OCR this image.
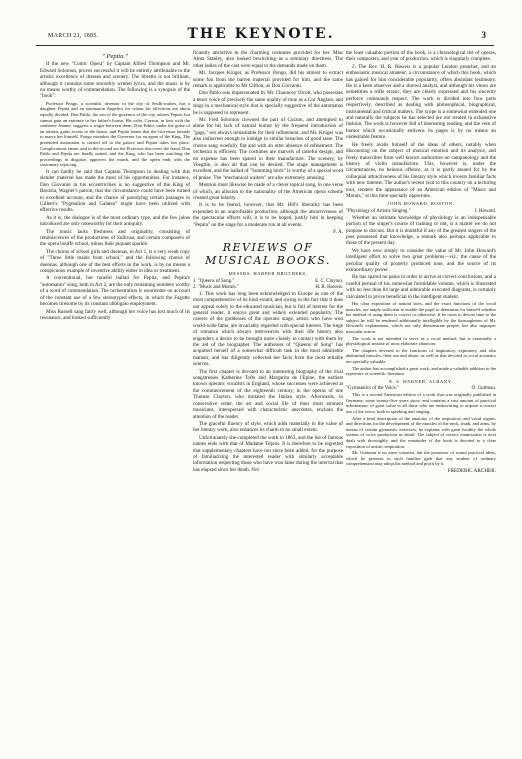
MARCH 21, 1885.	THE KEYNOTE.	3

" Pepita."

If the new "Comic Opera" by Captain Alfred Thompson and Mr. Edward Solomon, proves successful it will be entirely attributable to the artistic excellence of dresses and scenery. The libretto is not brilliant, although it contains some smoothly written lyrics, and the music is by no means worthy of commendation. The following is a synopsis of the "book":

Professor Pongo, a scientific inventor in the city of Seulk-wailen, has a daughter Pepita and an automaton Angelica for whom his affections are about equally divided. Don Pablo, the son of the governor of the city, adores Pepita, but cannot gain an entrance to her father's house. His valet, Curzon, in love with the soubrette Jeanne, suggests a wager between them. Don Pablo, under the guise of an artisan, gains access to the house, and Pepita learns that the Governor intends to marry her himself. Pongo mistakes the Governor for an agent of the King. The pretended automaton is carried off to the palace and Pepita takes her place. Complications ensue, and in the second act the Professor discovers the fraud. Don Pablo and Pepita are finally united, and the King, who has been watching the proceedings in disguise, approves the match, and the opera ends with the customary rejoicing.

It can hardly be said that Captain Thompson in dealing with this slender material has made the most of his opportunities. For instance, Don Giovanni in his eccentricities is no suggestive of the King of Bavaria, Wagner's patron, that the circumstance could have been turned to excellent account, and the chance of parodying certain passages in Gilbert's "Pygmalion and Galatea" might have been utilized with effective results.

As it is, the dialogue is of the most ordinary type, and the few jokes introduced are only noteworthy for their antiquity.

The music lacks freshness and originality, consisting of reminiscences of the productions of Sullivan, and certain composers of the opera bouffe school, minus their piquant sparkle.

The chorus of school girls and duennas, in Act 1, is a very weak copy of "Three little maids from school," and the following chorus of duennas, although one of the best efforts in the work, is by no means a conspicuous example of inventive ability either in idea or treatment.

A conventional, but tuneful ballad for Pepita, and Pepita's "automaton" song, both in Act 2, are the only remaining numbers worthy of a word of commendation. The orchestration is wearisome on account of the constant use of a few stereotyped effects, in which the Fagotto becomes tiresome by its constant obbligato employment.

Miss Russell sang fairly well, although her voice has lost much of its resonance, and looked sufficiently

ficiently attractive in the charming costumes provided for her. Miss Alma Stanley, also looked bewitching as a seminary directress. The other ladies of the cast were equal to the demands made on them.

Mr. Jacques Kruger, as Professor Pongo, did his utmost to extract some fun from the barren material provided for him, and the same remark is applicable to Mr Clifton, as Don Giovanni.

Don Pablo was impersonated by Mr. Chauncey Olcott, who possesses a tenor voice of precisely the same quality of tone as a Cor Anglais, and sings in a mechanical style that is specially suggestive of the automaton he is supposed to represent.

Mr. Fred Solomon clowned the part of Curzon, and attempted to atone for his lack of natural humor by the frequent introduction of "gags," not always remarkable for their refinement, and Mr. Kruger was also indiscreet enough to indulge in similar breaches of good taste. The chorus sang woefully flat and with an utter absence of refinement. The orchestra is efficient. The costumes are marvels of tasteful design, and no expense has been spared in their manufacture. The scenery, by Voegtlin, is also all that can be desired. The stage management is excellent, and the ballad of "Summing birds" is worthy of a special word of praise. The "mechanical waiters" are also extremely amusing.

Mention must likewise be made of a clever topical song, in one verse of which, an allusion to the nationality of the American opera scheme created great hilarity.

It is to be feared, however, that Mr. Hill's liberality has been expended in an unprofitable production, although the attractiveness of the spectacular effects will, it is to be hoped, justify him in keeping "Pepita" on the stage for a moderate run at all events.

F. A.

REVIEWS OF MUSICAL BOOKS.

MESSRS. HARPER BROTHERS.

1. "Queens of Song."	E. C. Clayton.
2. "Music and Morals."	H. R. Haweis.

1. This work has long been acknowledged in Europe as one of the most comprehensive of its kind extant, and owing to the fact that it does not appeal solely to the educated musician, but is full of interest for the general reader, it enjoys great and widely extended popularity. The careers of the goddesses of the operatic stage, artists who have won world-wide fame, are invariably regarded with special interest. The tinge of romance which always interweaves with their life history also engenders a desire to be brought more closely in contact with them by the aid of the biographer. The authoress of "Queens of Song" has acquitted herself of a somewhat difficult task in the most admirable manner, and has diligently collected her facts from the most reliable sources.

The first chapter is devoted to an interesting biography of the rival songstresses Katherine Tofts and Margarita de l'Epine, the earliest known operatic vocalists in England, whose successes were achieved at the commencement of the eighteenth century, in the operas of one Thomas Clayton, who imitated the Italian style. Afterwards, in consecutive order, the art and social life of their most eminent musicians, interspersed with characteristic anecdotes, enchain the attention of the reader.

The graceful fluency of style, which adds materially to the value of her literary work, also enhances its charm to no small extent.

Unfortunately she completed the work in 1863, and the list of famous names ends with that of Madame Titjens. It is therefore to be regretted that supplementary chapters have not since been added, for the purpose of familiarizing the interested reader with similarly acceptable information respecting those who have won fame during the interval that has elapsed since her death. Not

the least valuable portion of the book, is a chronological list of operas, their composers, and year of production, which is singularly complete.

2. The Rev. H. R. Haweis is a popular London preacher, and an enthusiastic musical amateur, a circumstance of which this book, which has gained for him considerable popularity, offers abundant testimony. He is a keen observer and a shrewd analyst, and although his views are sometimes a trifle erratic, they are clearly expressed and his sincerity perforce commands respect. The work is divided into four parts respectively, described as dealing with philosophical, biographical, instrumental and critical matters. The scope is a somewhat extended one and naturally the subjects he has selected are not treated in exhaustive fashion. The work is however full of interesting reading, and the vein of humor which occasionally enlivens its pages is by no means an undesirable feature.

He freely avails himself of the ideas of others, notably when discoursing on the subject of musical emotion and its analysis, and freely transcribes from well known authorities on campanology and the history of violin manufacture. This, however is, under the circumstances, no heinous offence, as it is partly atoned for by the colloquial attractiveness of his literary style which invests familiar facts with new interest. The author's recent visit to this country on a lecturing tour, renders the appearance of an American edition of "Music and Morals," at this time specially opportune.

JOHN HOWARD, BOSTON.

"Physiology of Artistic Singing."	J. Howard.

Whether an intimate knowledge of physiology is an indispensable portion of the singer's course of training or not, is a matter we do not propose to discuss. But it is doubtful if any of the greatest singers of the past possessed that knowledge, a remark also perhaps applicable to those of the present day.

We have now simply to consider the value of Mr. John Howard's intelligent effort to solve two great problems—viz.: the cause of the peculiar quality of properly produced tone, and the source of its extraordinary power.

He has spared no pains in order to arrive at correct conclusions, and a careful perusal of his somewhat formidable volume, which is illustrated with no less than 84 large and admirable executed diagrams, is certainly calculated to prove beneficial to the intelligent student.

His clear exposition of natural laws, and the exact functions of the vocal muscles, are amply sufficient to enable the pupil to determine for himself whether his method of using them is correct or otherwise. If he cares to devote time to the subject he will be rendered additionally intelligible by the thoroughness of Mr. Howard's explanations, which not only demonstrate proper, but also improper muscular action.

The work is not intended to serve as a vocal method, but is essentially a physiological treatise of most elaborate character.

The chapters devoted to the functions of inspiratory, expiratory and also abdominal muscles, their use and abuse, as well as that devoted to vocal acoustics are specially valuable.

The author has accomplished a great work, and made a valuable addition to the repertoire of scientific literature.

E. S. WARNER, ALBANY.

"Gymnastics of the Voice."	O. Guttman.

This is a second American edition of a work that was originally published in Germany, some twenty-five years since, and contains a vast amount of practical information, of great value to all those who are endeavoring to acquire a correct use of the voice, both in speaking and singing.

After a brief description of the anatomy of the respiratory and vocal organs, and directions for the development of the muscles of the neck, trunk, and arms, by means of certain gymnastic exercises, he explains with great lucidity the whole system of voice production in detail. The subject of correct enunciation is next dealt with thoroughly, and the remainder of the book is devoted to a clear exposition of artistic respiration.

Mr. Guttman is no mere scientist, but the possessor of sound practical ideas, which he presents in such familiar garb that any student of ordinary comprehension may adopt his method and profit by it.

FREDERIC ARCHER.
